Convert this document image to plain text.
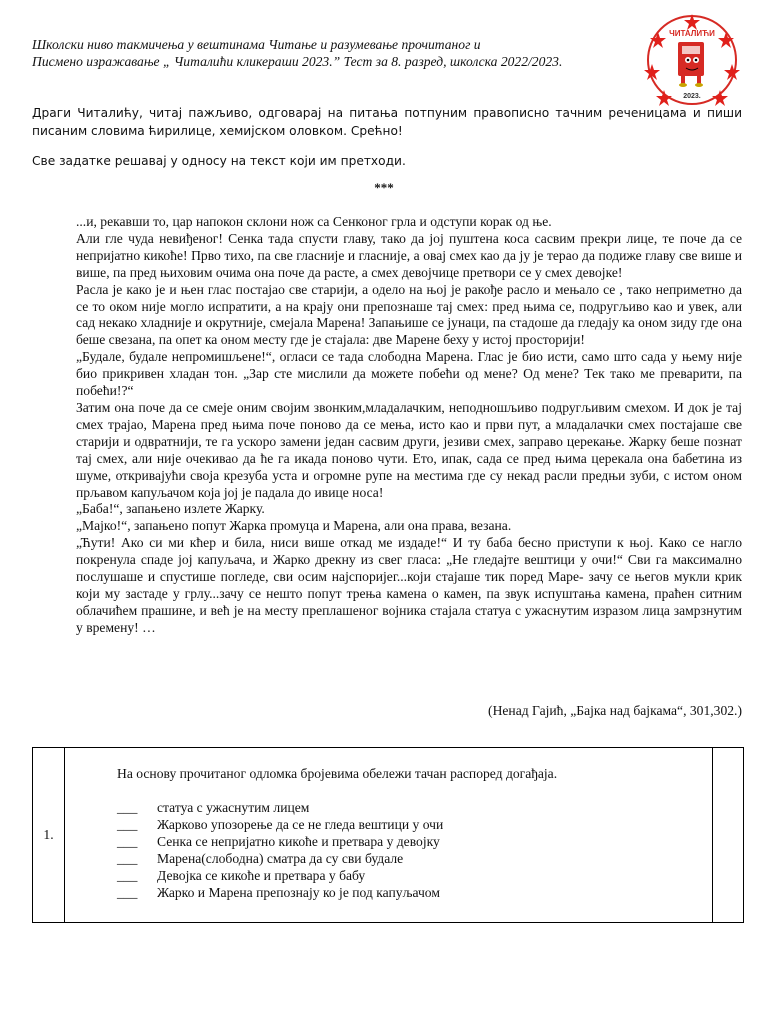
Школски ниво такмичења у вештинама Читање и разумевање прочитаног и
Писмено изражавање „ Читалићи кликераши 2023.” Тест за 8. разред, школска 2022/2023.
ЧИТАЛИЋИ
2023.
Драги Читалићу, читај пажљиво, одговарај на питања потпуним правописно тачним реченицама и пиши писаним словима ћирилице, хемијском оловком. Срећно!
Све задатке решавај у односу на текст који им претходи.
***

...и, рекавши то, цар напокон склони нож са Сенконог грла и одступи корак од ње.

Али гле чуда невиђеног! Сенка тада спусти главу, тако да јој пуштена коса сасвим прекри лице, те поче да се непријатно кикоће! Прво тихо, па све гласније и гласније, а овај смех као да ју је терао да подиже главу све више и више, па пред њиховим очима она поче да расте, а смех девојчице претвори се у смех девојке!

Расла је како је и њен глас постајао све старији, а одело на њој је ракође расло и мењало се , тако неприметно да се то оком није могло испратити, а на крају они препознаше тај смех: пред њима се, подругљиво као и увек, али сад некако хладније и окрутније, смејала Марена! Запањише се јунаци, па стадоше да гледају ка оном зиду где она беше свезана, па опет ка оном месту где је стајала: две Марене беху у истој просторији!

„Будале, будале непромишљене!“, огласи се тада слободна Марена. Глас је био исти, само што сада у њему није био прикривен хладан тон. „Зар сте мислили да можете побећи од мене? Од мене? Тек тако ме преварити, па побећи!?“

Затим она поче да се смеје оним својим звонким,младалачким, неподношљиво подругљивим смехом. И док је тај смех трајао, Марена пред њима поче поново да се мења, исто као и први пут, а младалачки смех постајаше све старији и одвратнији, те га ускоро замени један сасвим други, језиви смех, заправо церекање. Жарку беше познат тај смех, али није очекивао да ће га икада поново чути. Ето, ипак, сада се пред њима церекала она бабетина из шуме, откривајући своја крезуба уста и огромне рупе на местима где су некад расли предњи зуби, с истом оном прљавом капуљачом која јој је падала до ивице носа!

„Баба!“, запањено излете Жарку.

„Мајко!“, запањено попут Жарка промуца и Марена, али она права, везана.

„Ћути! Ако си ми кћер и била, ниси више откад ме издаде!“ И ту баба бесно приступи к њој. Како се нагло покренула спаде јој капуљача, и Жарко дрекну из свег гласа: „Не гледајте вештици у очи!“ Сви га максимално послушаше и спустише погледе, сви осим најспоријег...који стајаше тик поред Маре- зачу се његов мукли крик који му застаде у грлу...зачу се нешто попут трења камена о камен, па звук испуштања камена, праћен ситним облачићем прашине, и већ је на месту преплашеног војника стајала статуа с ужаснутим изразом лица замрзнутим у времену! …

(Ненад Гајић, „Бајка над бајкама“, 301,302.)
1.	
На основу прочитаног одломка бројевима обележи тачан распоред догађаја.
___	статуа с ужаснутим лицем
___	Жарково упозорење да се не гледа вештици у очи
___	Сенка се непријатно кикоће и претвара у девојку
___	Марена(слободна) сматра да су сви будале
___	Девојка се кикоће и претвара у бабу
___	Жарко и Марена препознају ко је под капуљачом
